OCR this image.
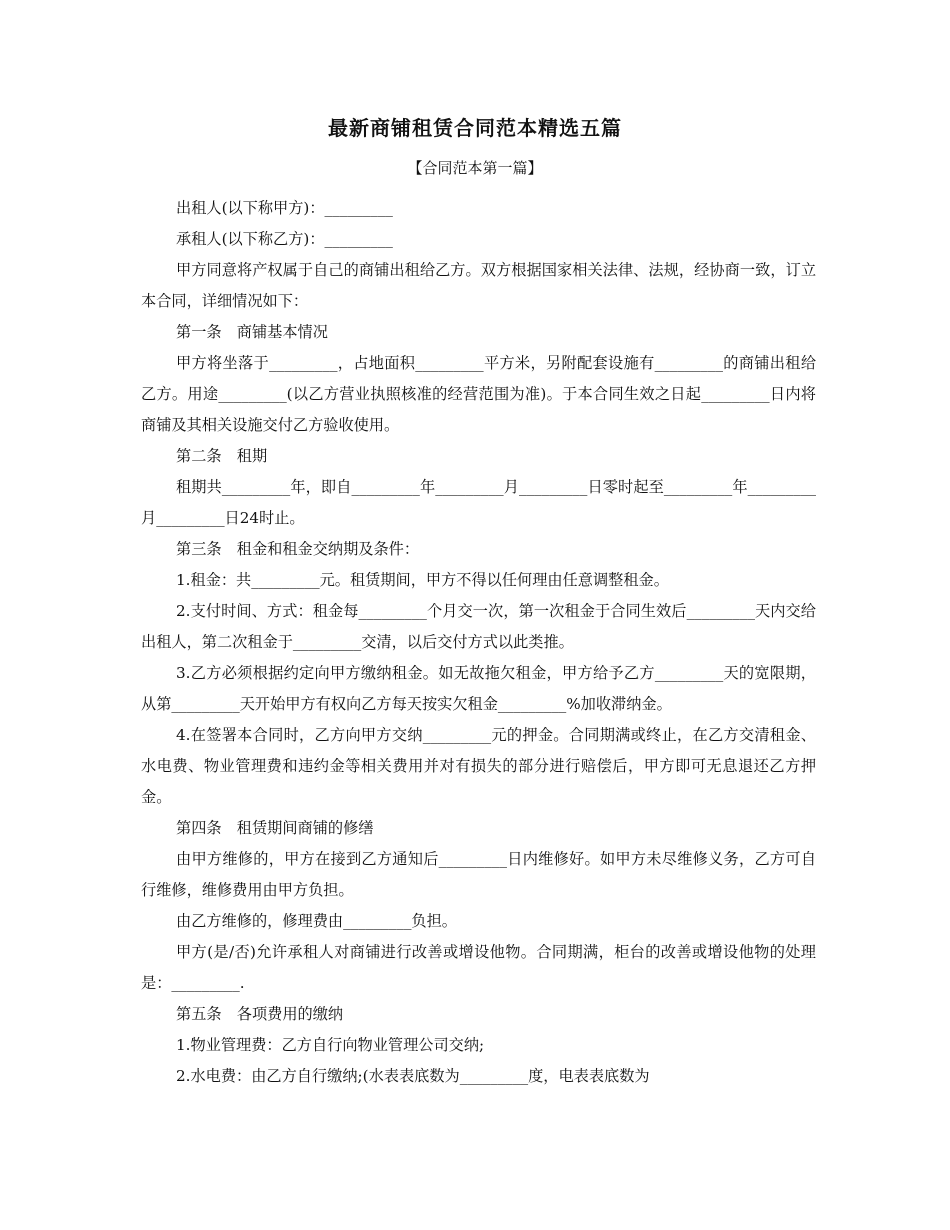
最新商铺租赁合同范本精选五篇
【合同范本第一篇】

出租人(以下称甲方)：_________

承租人(以下称乙方)：_________

甲方同意将产权属于自己的商铺出租给乙方。双方根据国家相关法律、法规，经协商一致，订立本合同，详细情况如下：

第一条　商铺基本情况

甲方将坐落于_________，占地面积_________平方米，另附配套设施有_________的商铺出租给乙方。用途_________(以乙方营业执照核准的经营范围为准)。于本合同生效之日起_________日内将商铺及其相关设施交付乙方验收使用。

第二条　租期

租期共_________年，即自_________年_________月_________日零时起至_________年_________月_________日24时止。

第三条　租金和租金交纳期及条件：

1.租金：共_________元。租赁期间，甲方不得以任何理由任意调整租金。

2.支付时间、方式：租金每_________个月交一次，第一次租金于合同生效后_________天内交给出租人，第二次租金于_________交清，以后交付方式以此类推。

3.乙方必须根据约定向甲方缴纳租金。如无故拖欠租金，甲方给予乙方_________天的宽限期，从第_________天开始甲方有权向乙方每天按实欠租金_________%加收滞纳金。

4.在签署本合同时，乙方向甲方交纳_________元的押金。合同期满或终止，在乙方交清租金、水电费、物业管理费和违约金等相关费用并对有损失的部分进行赔偿后，甲方即可无息退还乙方押金。

第四条　租赁期间商铺的修缮

由甲方维修的，甲方在接到乙方通知后_________日内维修好。如甲方未尽维修义务，乙方可自行维修，维修费用由甲方负担。

由乙方维修的，修理费由_________负担。

甲方(是/否)允许承租人对商铺进行改善或增设他物。合同期满，柜台的改善或增设他物的处理是：_________.

第五条　各项费用的缴纳

1.物业管理费：乙方自行向物业管理公司交纳;

2.水电费：由乙方自行缴纳;(水表表底数为_________度，电表表底数为
